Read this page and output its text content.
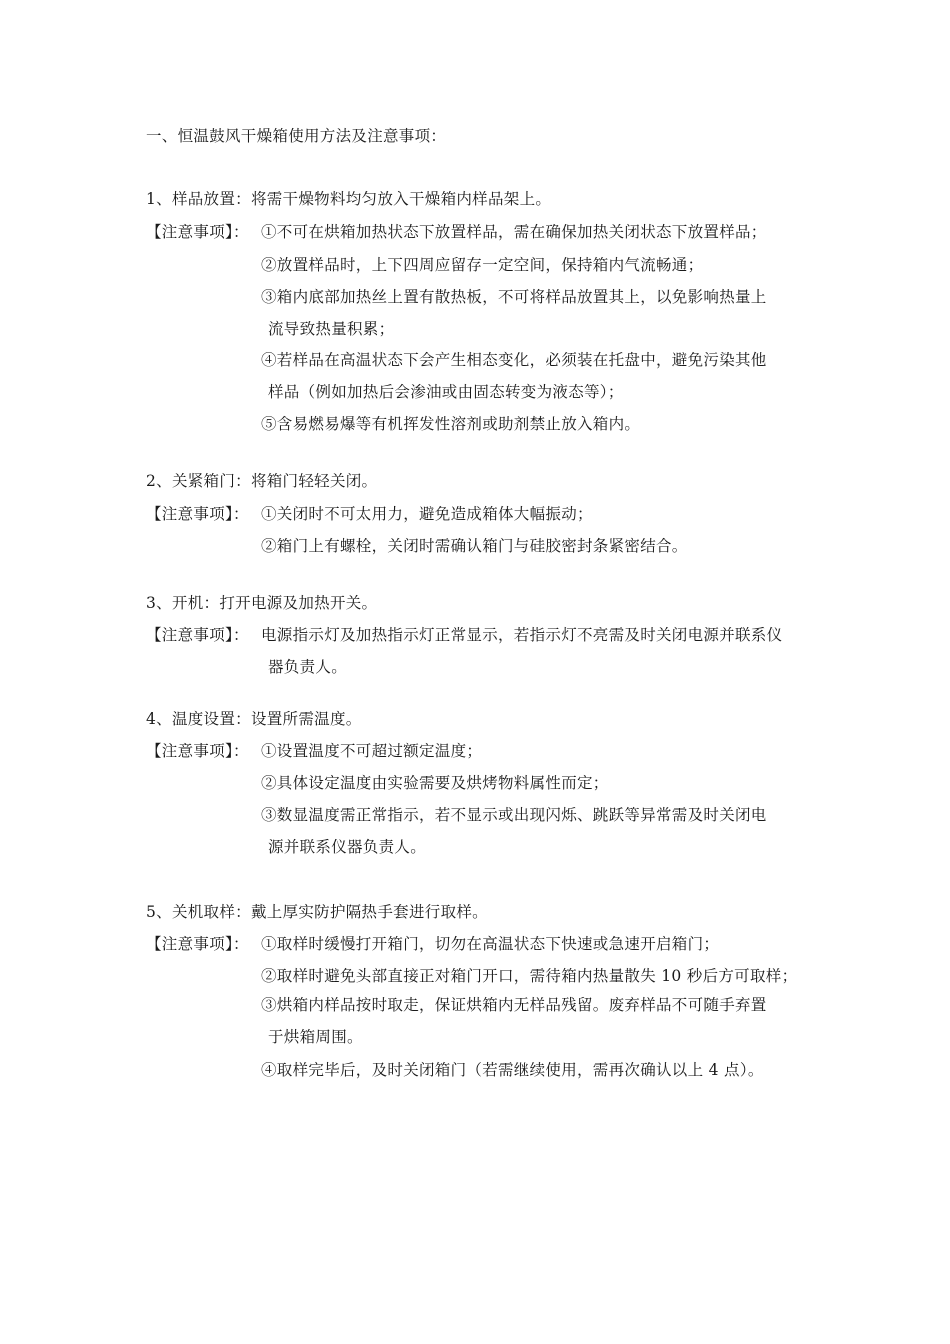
一、恒温鼓风干燥箱使用方法及注意事项：
1、样品放置：将需干燥物料均匀放入干燥箱内样品架上。
【注意事项】： ①不可在烘箱加热状态下放置样品，需在确保加热关闭状态下放置样品；
②放置样品时，上下四周应留存一定空间，保持箱内气流畅通；
③箱内底部加热丝上置有散热板，不可将样品放置其上，以免影响热量上
流导致热量积累；
④若样品在高温状态下会产生相态变化，必须装在托盘中，避免污染其他
样品（例如加热后会渗油或由固态转变为液态等）；
⑤含易燃易爆等有机挥发性溶剂或助剂禁止放入箱内。
2、关紧箱门：将箱门轻轻关闭。
【注意事项】： ①关闭时不可太用力，避免造成箱体大幅振动；
②箱门上有螺栓，关闭时需确认箱门与硅胶密封条紧密结合。
3、开机：打开电源及加热开关。
【注意事项】： 电源指示灯及加热指示灯正常显示，若指示灯不亮需及时关闭电源并联系仪
器负责人。
4、温度设置：设置所需温度。
【注意事项】： ①设置温度不可超过额定温度；
②具体设定温度由实验需要及烘烤物料属性而定；
③数显温度需正常指示，若不显示或出现闪烁、跳跃等异常需及时关闭电
源并联系仪器负责人。
5、关机取样：戴上厚实防护隔热手套进行取样。
【注意事项】： ①取样时缓慢打开箱门，切勿在高温状态下快速或急速开启箱门；
②取样时避免头部直接正对箱门开口，需待箱内热量散失 10 秒后方可取样；
③烘箱内样品按时取走，保证烘箱内无样品残留。废弃样品不可随手弃置
于烘箱周围。
④取样完毕后，及时关闭箱门（若需继续使用，需再次确认以上 4 点）。
